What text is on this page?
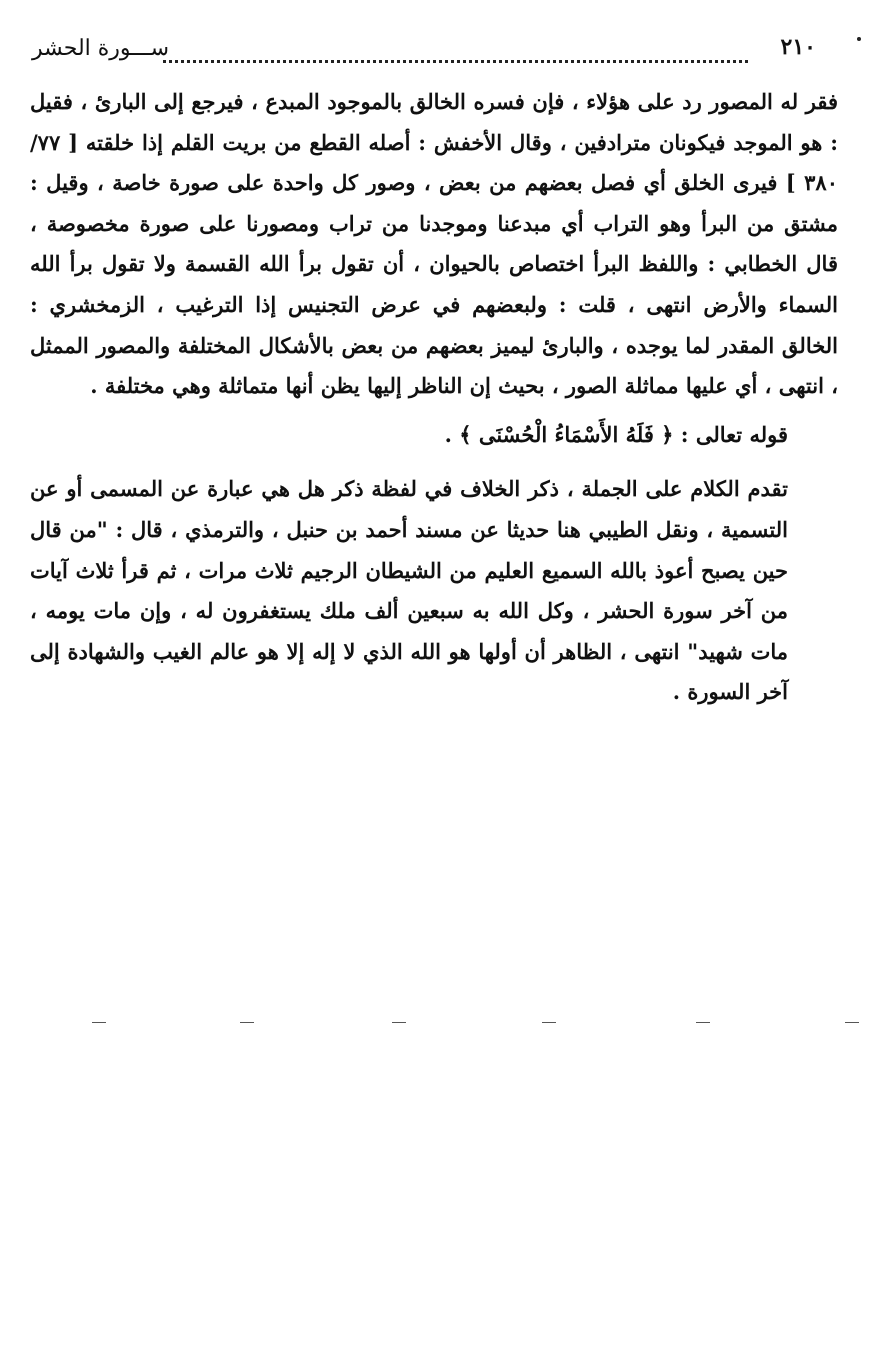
٢١٠
ســـورة الحشر

فقر له المصور رد على هؤلاء ، فإن فسره الخالق بالموجود المبدع ، فيرجع إلى البارئ ، فقيل : هو الموجد فيكونان مترادفين ، وقال الأخفش : أصله القطع من بريت القلم إذا خلقته [ ٧٧/ ٣٨٠ ] فيرى الخلق أي فصل بعضهم من بعض ، وصور كل واحدة على صورة خاصة ، وقيل : مشتق من البرأ وهو التراب أي مبدعنا وموجدنا من تراب ومصورنا على صورة مخصوصة ، قال الخطابي : واللفظ البرأ اختصاص بالحيوان ، أن تقول برأ الله القسمة ولا تقول برأ الله السماء والأرض انتهى ، قلت : ولبعضهم في عرض التجنيس إذا الترغيب ، الزمخشري : الخالق المقدر لما يوجده ، والبارئ ليميز بعضهم من بعض بالأشكال المختلفة والمصور الممثل ، انتهى ، أي عليها مماثلة الصور ، بحيث إن الناظر إليها يظن أنها متماثلة وهي مختلفة .

قوله تعالى : ﴿ فَلَهُ الأَسْمَاءُ الْحُسْنَى ﴾ .

تقدم الكلام على الجملة ، ذكر الخلاف في لفظة ذكر هل هي عبارة عن المسمى أو عن التسمية ، ونقل الطيبي هنا حديثا عن مسند أحمد بن حنبل ، والترمذي ، قال : "من قال حين يصبح أعوذ بالله السميع العليم من الشيطان الرجيم ثلاث مرات ، ثم قرأ ثلاث آيات من آخر سورة الحشر ، وكل الله به سبعين ألف ملك يستغفرون له ، وإن مات يومه ، مات شهيد" انتهى ، الظاهر أن أولها هو الله الذي لا إله إلا هو عالم الغيب والشهادة إلى آخر السورة .
